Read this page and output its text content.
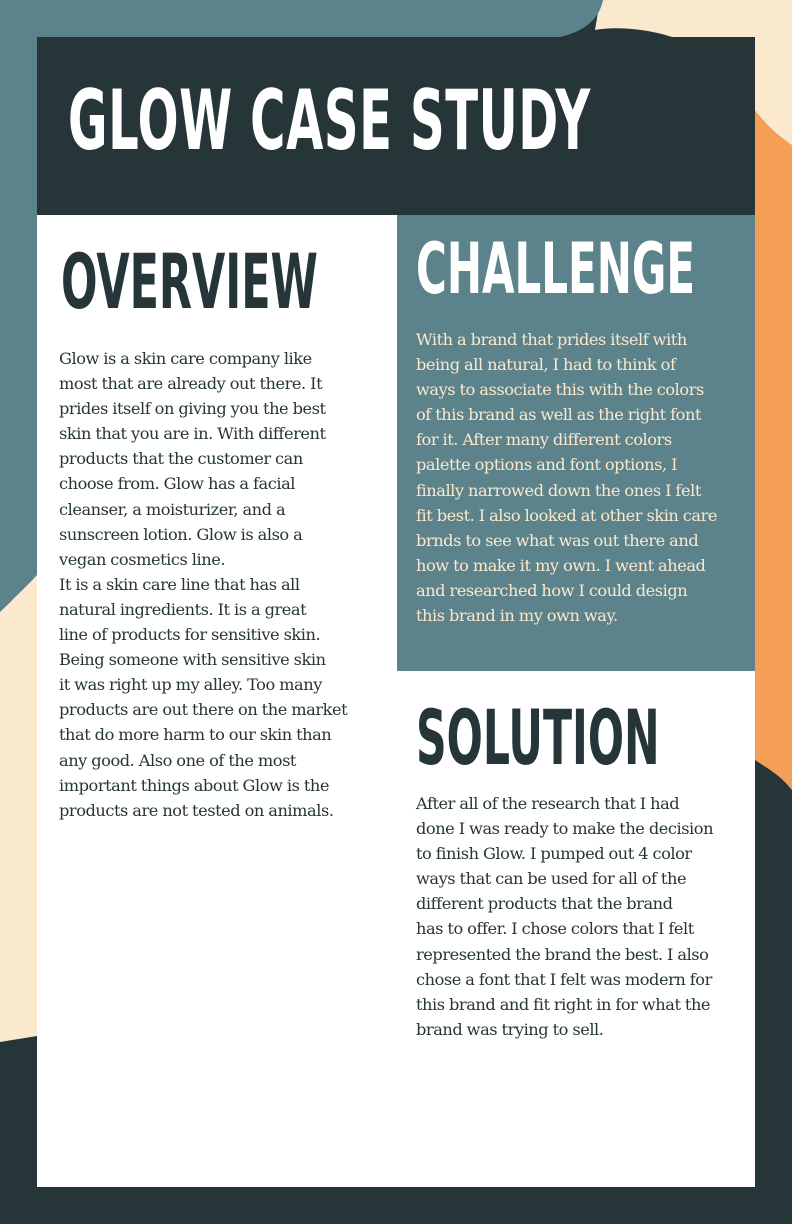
GLOW CASE STUDY
OVERVIEW

Glow is a skin care company like
most that are already out there. It
prides itself on giving you the best
skin that you are in. With different
products that the customer can
choose from. Glow has a facial
cleanser, a moisturizer, and a
sunscreen lotion. Glow is also a
vegan cosmetics line.
It is a skin care line that has all
natural ingredients. It is a great
line of products for sensitive skin.
Being someone with sensitive skin
it was right up my alley. Too many
products are out there on the market
that do more harm to our skin than
any good. Also one of the most
important things about Glow is the
products are not tested on animals.

CHALLENGE

With a brand that prides itself with
being all natural, I had to think of
ways to associate this with the colors
of this brand as well as the right font
for it. After many different colors
palette options and font options, I
finally narrowed down the ones I felt
fit best. I also looked at other skin care
brnds to see what was out there and
how to make it my own. I went ahead
and researched how I could design
this brand in my own way.

SOLUTION

After all of the research that I had
done I was ready to make the decision
to finish Glow. I pumped out 4 color
ways that can be used for all of the
different products that the brand
has to offer. I chose colors that I felt
represented the brand the best. I also
chose a font that I felt was modern for
this brand and fit right in for what the
brand was trying to sell.
